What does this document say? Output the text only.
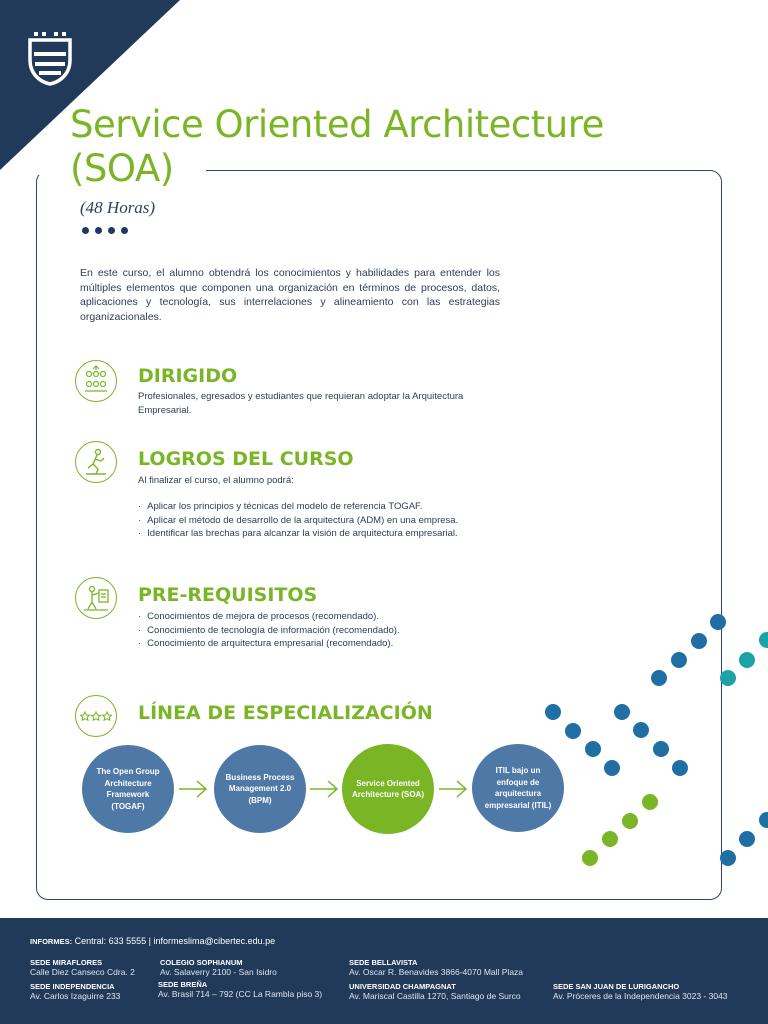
Service Oriented Architecture
(SOA)
(48 Horas)

En este curso, el alumno obtendrá los conocimientos y habilidades para entender los múltiples elementos que componen una organización en términos de procesos, datos, aplicaciones y tecnología, sus interrelaciones y alineamiento con las estrategias organizacionales.

DIRIGIDO

Profesionales, egresados y estudiantes que requieran adoptar la Arquitectura Empresarial.

LOGROS DEL CURSO

Al finalizar el curso, el alumno podrá:

· Aplicar los principios y técnicas del modelo de referencia TOGAF.
· Aplicar el método de desarrollo de la arquitectura (ADM) en una empresa.
· Identificar las brechas para alcanzar la visión de arquitectura empresarial.
PRE-REQUISITOS
· Conocimientos de mejora de procesos (recomendado).
· Conocimiento de tecnología de información (recomendado).
· Conocimiento de arquitectura empresarial (recomendado).
LÍNEA DE ESPECIALIZACIÓN
The Open Group Architecture Framework (TOGAF)
Business Process Management 2.0 (BPM)
Service Oriented Architecture (SOA)
ITIL bajo un enfoque de arquitectura empresarial (ITIL)
INFORMES: Central: 633 5555 | informeslima@cibertec.edu.pe
SEDE MIRAFLORES
Calle Diez Canseco Cdra. 2
COLEGIO SOPHIANUM
Av. Salaverry 2100 - San Isidro
SEDE BELLAVISTA
Av. Oscar R. Benavides 3866-4070 Mall Plaza
SEDE INDEPENDENCIA
Av. Carlos Izaguirre 233
SEDE BREÑA
Av. Brasil 714 – 792 (CC La Rambla piso 3)
UNIVERSIDAD CHAMPAGNAT
Av. Mariscal Castilla 1270, Santiago de Surco
SEDE SAN JUAN DE LURIGANCHO
Av. Próceres de la Independencia 3023 - 3043
